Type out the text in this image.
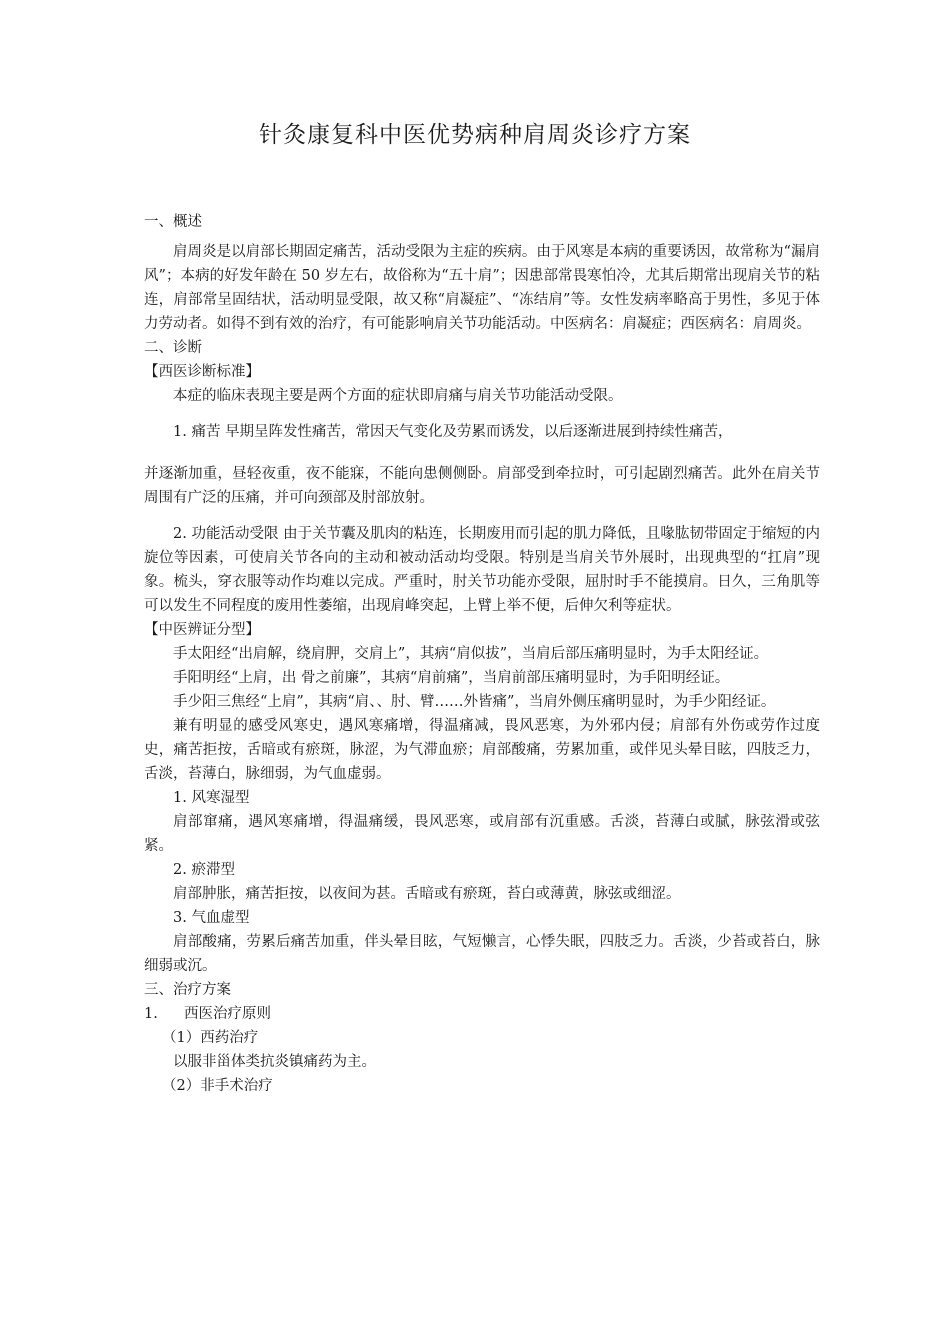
针灸康复科中医优势病种肩周炎诊疗方案
一、概述
肩周炎是以肩部长期固定痛苦，活动受限为主症的疾病。由于风寒是本病的重要诱因，故常称为“漏肩风”；本病的好发年龄在 50 岁左右，故俗称为“五十肩”；因患部常畏寒怕冷，尤其后期常出现肩关节的粘连，肩部常呈固结状，活动明显受限，故又称“肩凝症”、“冻结肩”等。女性发病率略高于男性，多见于体力劳动者。如得不到有效的治疗，有可能影响肩关节功能活动。中医病名：肩凝症；西医病名：肩周炎。
二、诊断
【西医诊断标准】
本症的临床表现主要是两个方面的症状即肩痛与肩关节功能活动受限。
1. 痛苦 早期呈阵发性痛苦，常因天气变化及劳累而诱发，以后逐渐进展到持续性痛苦，
并逐渐加重，昼轻夜重，夜不能寐，不能向患侧侧卧。肩部受到牵拉时，可引起剧烈痛苦。此外在肩关节周围有广泛的压痛，并可向颈部及肘部放射。
2. 功能活动受限 由于关节囊及肌肉的粘连，长期废用而引起的肌力降低，且喙肱韧带固定于缩短的内旋位等因素，可使肩关节各向的主动和被动活动均受限。特别是当肩关节外展时，出现典型的“扛肩”现象。梳头，穿衣服等动作均难以完成。严重时，肘关节功能亦受限，屈肘时手不能摸肩。日久，三角肌等可以发生不同程度的废用性萎缩，出现肩峰突起，上臂上举不便，后伸欠利等症状。
【中医辨证分型】
手太阳经“出肩解，绕肩胛，交肩上”，其病“肩似拔”，当肩后部压痛明显时，为手太阳经证。
手阳明经“上肩，出 骨之前廉”，其病“肩前痛”，当肩前部压痛明显时，为手阳明经证。
手少阳三焦经“上肩”，其病“肩、、肘、臂……外皆痛”，当肩外侧压痛明显时，为手少阳经证。
兼有明显的感受风寒史，遇风寒痛增，得温痛减，畏风恶寒，为外邪内侵；肩部有外伤或劳作过度史，痛苦拒按，舌暗或有瘀斑，脉涩，为气滞血瘀；肩部酸痛，劳累加重，或伴见头晕目眩，四肢乏力，舌淡，苔薄白，脉细弱，为气血虚弱。
1. 风寒湿型
肩部窜痛，遇风寒痛增，得温痛缓，畏风恶寒，或肩部有沉重感。舌淡，苔薄白或腻，脉弦滑或弦紧。
2. 瘀滞型
肩部肿胀，痛苦拒按，以夜间为甚。舌暗或有瘀斑，苔白或薄黄，脉弦或细涩。
3. 气血虚型
肩部酸痛，劳累后痛苦加重，伴头晕目眩，气短懒言，心悸失眠，四肢乏力。舌淡，少苔或苔白，脉细弱或沉。
三、治疗方案
1. 西医治疗原则
（1）西药治疗
以服非甾体类抗炎镇痛药为主。
（2）非手术治疗
